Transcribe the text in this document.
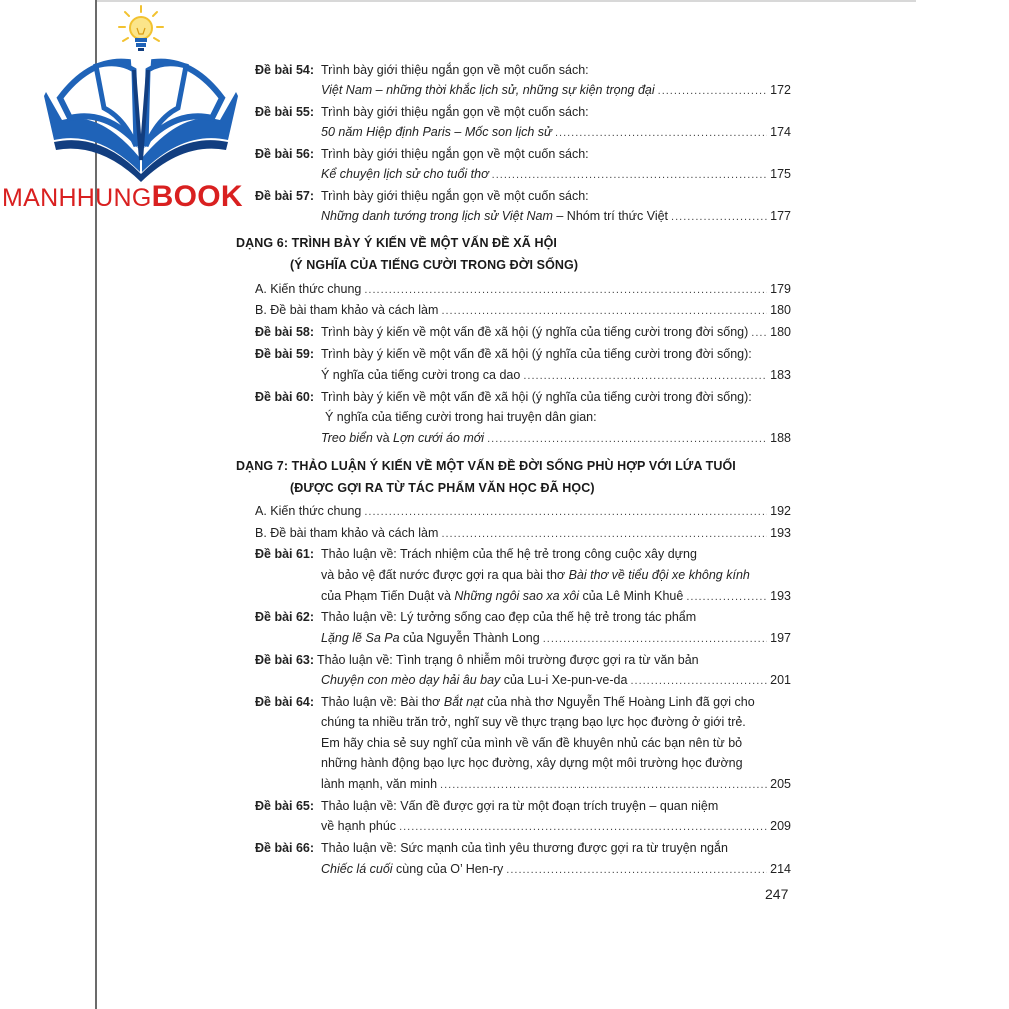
MANHHUNGBOOK
Đề bài 54: Trình bày giới thiệu ngắn gọn về một cuốn sách:
Việt Nam – những thời khắc lịch sử, những sự kiện trọng đại .....	172
Đề bài 55: Trình bày giới thiệu ngắn gọn về một cuốn sách:
50 năm Hiệp định Paris – Mốc son lịch sử .....	174
Đề bài 56: Trình bày giới thiệu ngắn gọn về một cuốn sách:
Kể chuyện lịch sử cho tuổi thơ .....	175
Đề bài 57: Trình bày giới thiệu ngắn gọn về một cuốn sách:
Những danh tướng trong lịch sử Việt Nam – Nhóm trí thức Việt .....	177
DẠNG 6: TRÌNH BÀY Ý KIẾN VỀ MỘT VẤN ĐỀ XÃ HỘI
(Ý NGHĨA CỦA TIẾNG CƯỜI TRONG ĐỜI SỐNG)
A. Kiến thức chung .....	179
B. Đề bài tham khảo và cách làm .....	180
Đề bài 58: Trình bày ý kiến về một vấn đề xã hội (ý nghĩa của tiếng cười trong đời sống) ..... 180
Đề bài 59: Trình bày ý kiến về một vấn đề xã hội (ý nghĩa của tiếng cười trong đời sống):
Ý nghĩa của tiếng cười trong ca dao .....	183
Đề bài 60: Trình bày ý kiến về một vấn đề xã hội (ý nghĩa của tiếng cười trong đời sống):
Ý nghĩa của tiếng cười trong hai truyện dân gian:
Treo biển và Lợn cưới áo mới .....	188
DẠNG 7: THẢO LUẬN Ý KIẾN VỀ MỘT VẤN ĐỀ ĐỜI SỐNG PHÙ HỢP VỚI LỨA TUỔI
(ĐƯỢC GỢI RA TỪ TÁC PHẨM VĂN HỌC ĐÃ HỌC)
A. Kiến thức chung .....	192
B. Đề bài tham khảo và cách làm .....	193
Đề bài 61: Thảo luận về: Trách nhiệm của thế hệ trẻ trong công cuộc xây dựng
và bảo vệ đất nước được gợi ra qua bài thơ Bài thơ về tiểu đội xe không kính
của Phạm Tiến Duật và Những ngôi sao xa xôi của Lê Minh Khuê .....	193
Đề bài 62: Thảo luận về: Lý tưởng sống cao đẹp của thế hệ trẻ trong tác phẩm
Lặng lẽ Sa Pa của Nguyễn Thành Long .....	197
Đề bài 63: Thảo luận về: Tình trạng ô nhiễm môi trường được gợi ra từ văn bản
Chuyện con mèo dạy hải âu bay của Lu-i Xe-pun-ve-da .....	201
Đề bài 64: Thảo luận về: Bài thơ Bắt nạt của nhà thơ Nguyễn Thế Hoàng Linh đã gợi cho
chúng ta nhiều trăn trở, nghĩ suy về thực trạng bạo lực học đường ở giới trẻ.
Em hãy chia sẻ suy nghĩ của mình về vấn đề khuyên nhủ các bạn nên từ bỏ
những hành động bạo lực học đường, xây dựng một môi trường học đường
lành mạnh, văn minh .....	205
Đề bài 65: Thảo luận về: Vấn đề được gợi ra từ một đoạn trích truyện – quan niệm
về hạnh phúc .....	209
Đề bài 66: Thảo luận về: Sức mạnh của tình yêu thương được gợi ra từ truyện ngắn
Chiếc lá cuối cùng của O’ Hen-ry .....	214
247
